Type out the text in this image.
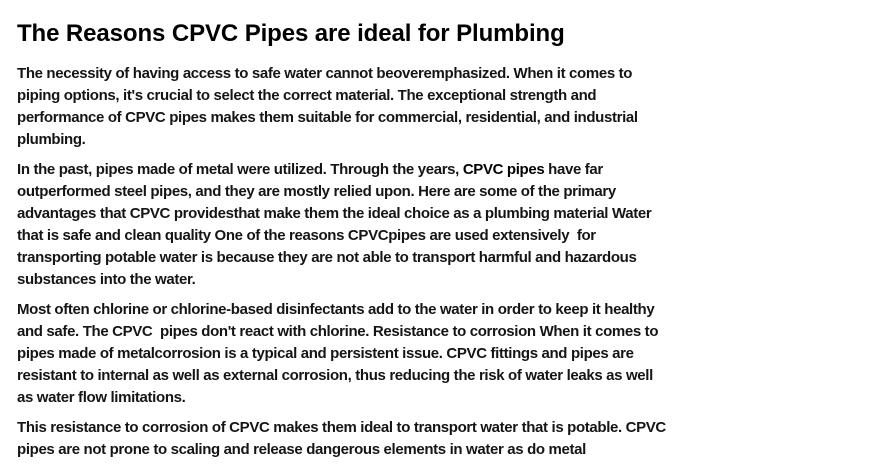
The Reasons CPVC Pipes are ideal for Plumbing
The necessity of having access to safe water cannot beoveremphasized. When it comes to
piping options, it's crucial to select the correct material. The exceptional strength and
performance of CPVC pipes makes them suitable for commercial, residential, and industrial
plumbing.
In the past, pipes made of metal were utilized. Through the years, CPVC pipes have far
outperformed steel pipes, and they are mostly relied upon. Here are some of the primary
advantages that CPVC providesthat make them the ideal choice as a plumbing material Water
that is safe and clean quality One of the reasons CPVCpipes are used extensively  for
transporting potable water is because they are not able to transport harmful and hazardous
substances into the water.
Most often chlorine or chlorine-based disinfectants add to the water in order to keep it healthy
and safe. The CPVC  pipes don't react with chlorine. Resistance to corrosion When it comes to
pipes made of metalcorrosion is a typical and persistent issue. CPVC fittings and pipes are
resistant to internal as well as external corrosion, thus reducing the risk of water leaks as well
as water flow limitations.
This resistance to corrosion of CPVC makes them ideal to transport water that is potable. CPVC
pipes are not prone to scaling and release dangerous elements in water as do metal
